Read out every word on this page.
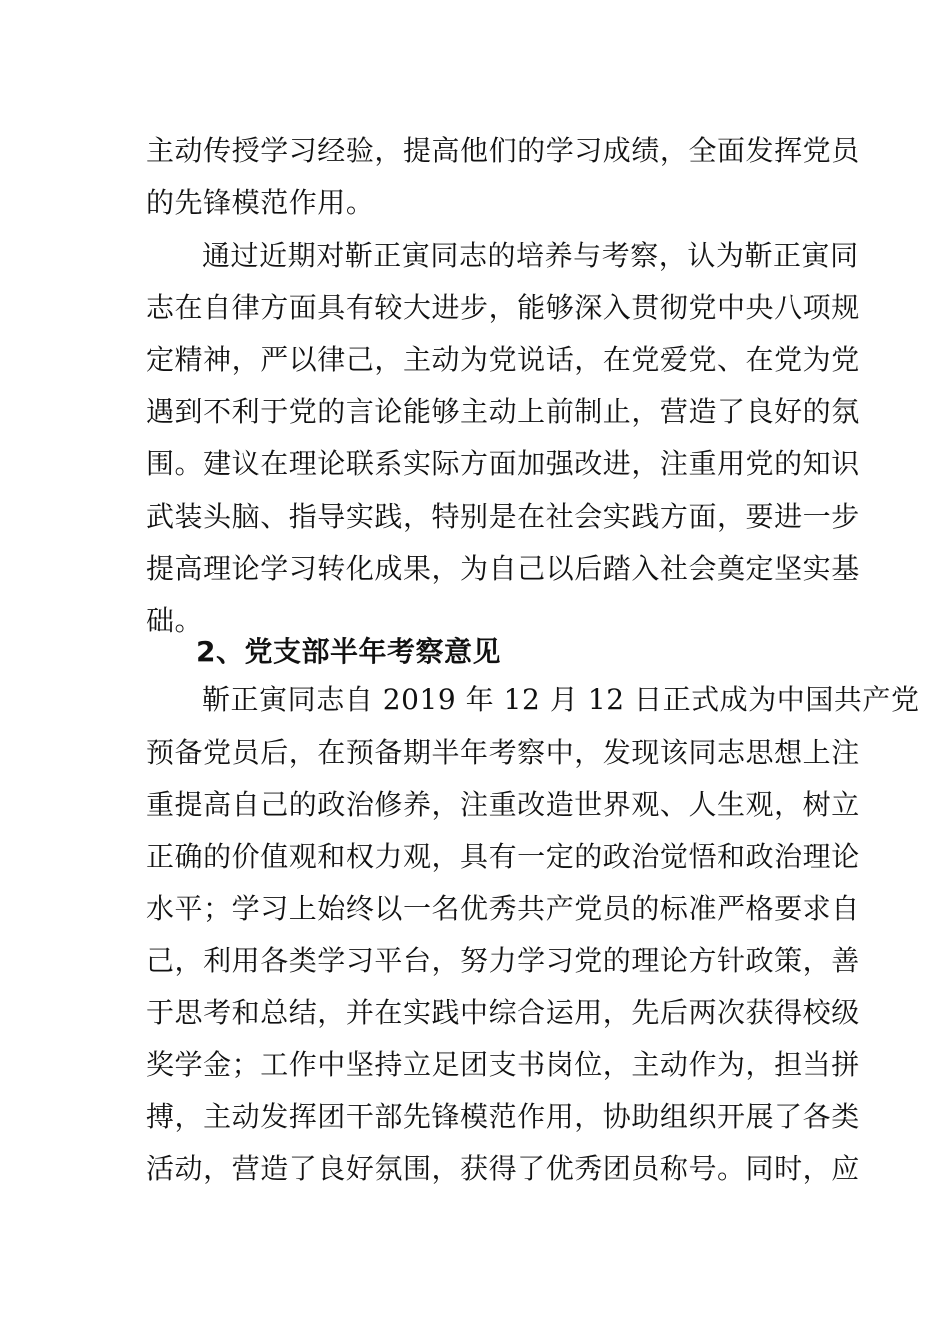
主动传授学习经验，提高他们的学习成绩，全面发挥党员
的先锋模范作用。
通过近期对靳正寅同志的培养与考察，认为靳正寅同
志在自律方面具有较大进步，能够深入贯彻党中央八项规
定精神，严以律己，主动为党说话，在党爱党、在党为党
遇到不利于党的言论能够主动上前制止，营造了良好的氛
围。建议在理论联系实际方面加强改进，注重用党的知识
武装头脑、指导实践，特别是在社会实践方面，要进一步
提高理论学习转化成果，为自己以后踏入社会奠定坚实基
础。
2、党支部半年考察意见
靳正寅同志自 2019 年 12 月 12 日正式成为中国共产党
预备党员后，在预备期半年考察中，发现该同志思想上注
重提高自己的政治修养，注重改造世界观、人生观，树立
正确的价值观和权力观，具有一定的政治觉悟和政治理论
水平；学习上始终以一名优秀共产党员的标准严格要求自
己，利用各类学习平台，努力学习党的理论方针政策，善
于思考和总结，并在实践中综合运用，先后两次获得校级
奖学金；工作中坚持立足团支书岗位，主动作为，担当拼
搏，主动发挥团干部先锋模范作用，协助组织开展了各类
活动，营造了良好氛围，获得了优秀团员称号。同时，应
